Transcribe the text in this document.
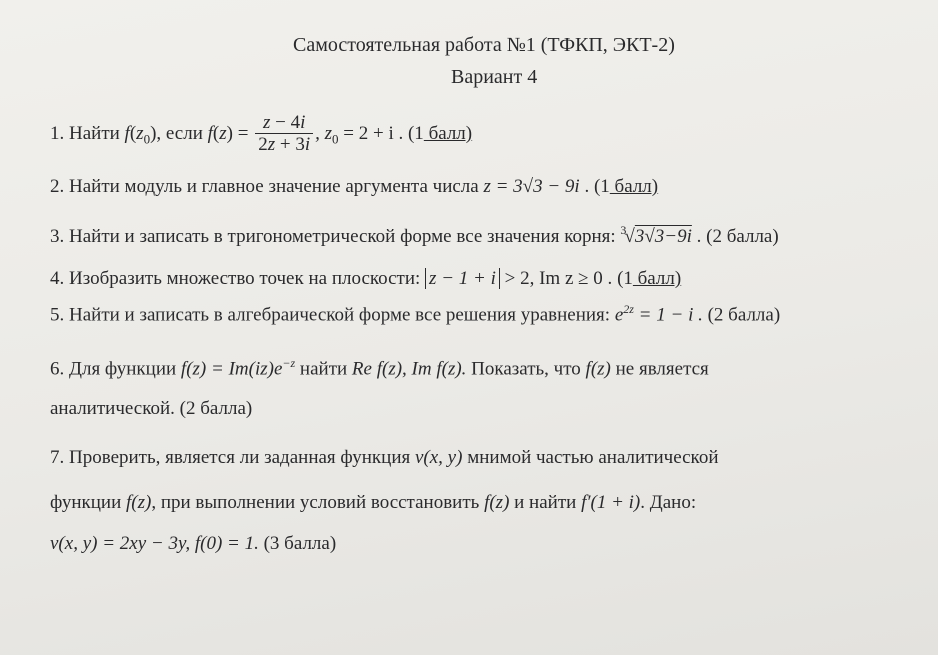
Самостоятельная работа №1 (ТФКП, ЭКТ-2)
Вариант 4
1. Найти $f(z_0)$, если $f(z) = \frac{z - 4i}{2z + 3i}$ , $z_0 = 2 + i$ . (1 балл)
2. Найти модуль и главное значение аргумента числа z = 3√3 − 9i . (1 балл)
3. Найти и записать в тригонометрической форме все значения корня: $^3$√3√3−9i . (2 балла)
4. Изобразить множество точек на плоскости: z − 1 + i > 2, Im z ≥ 0 . (1 балл)
5. Найти и записать в алгебраической форме все решения уравнения: $e^{2z} = 1 - i$ . (2 балла)
6. Для функции $f(z) = Im(iz)e^{-z}$ найти Re f(z), Im f(z). Показать, что f(z) не является
аналитической. (2 балла)
7. Проверить, является ли заданная функция v(x, y) мнимой частью аналитической
функции f(z), при выполнении условий восстановить f(z) и найти f′(1 + i). Дано:
v(x, y) = 2xy − 3y, f(0) = 1. (3 балла)
